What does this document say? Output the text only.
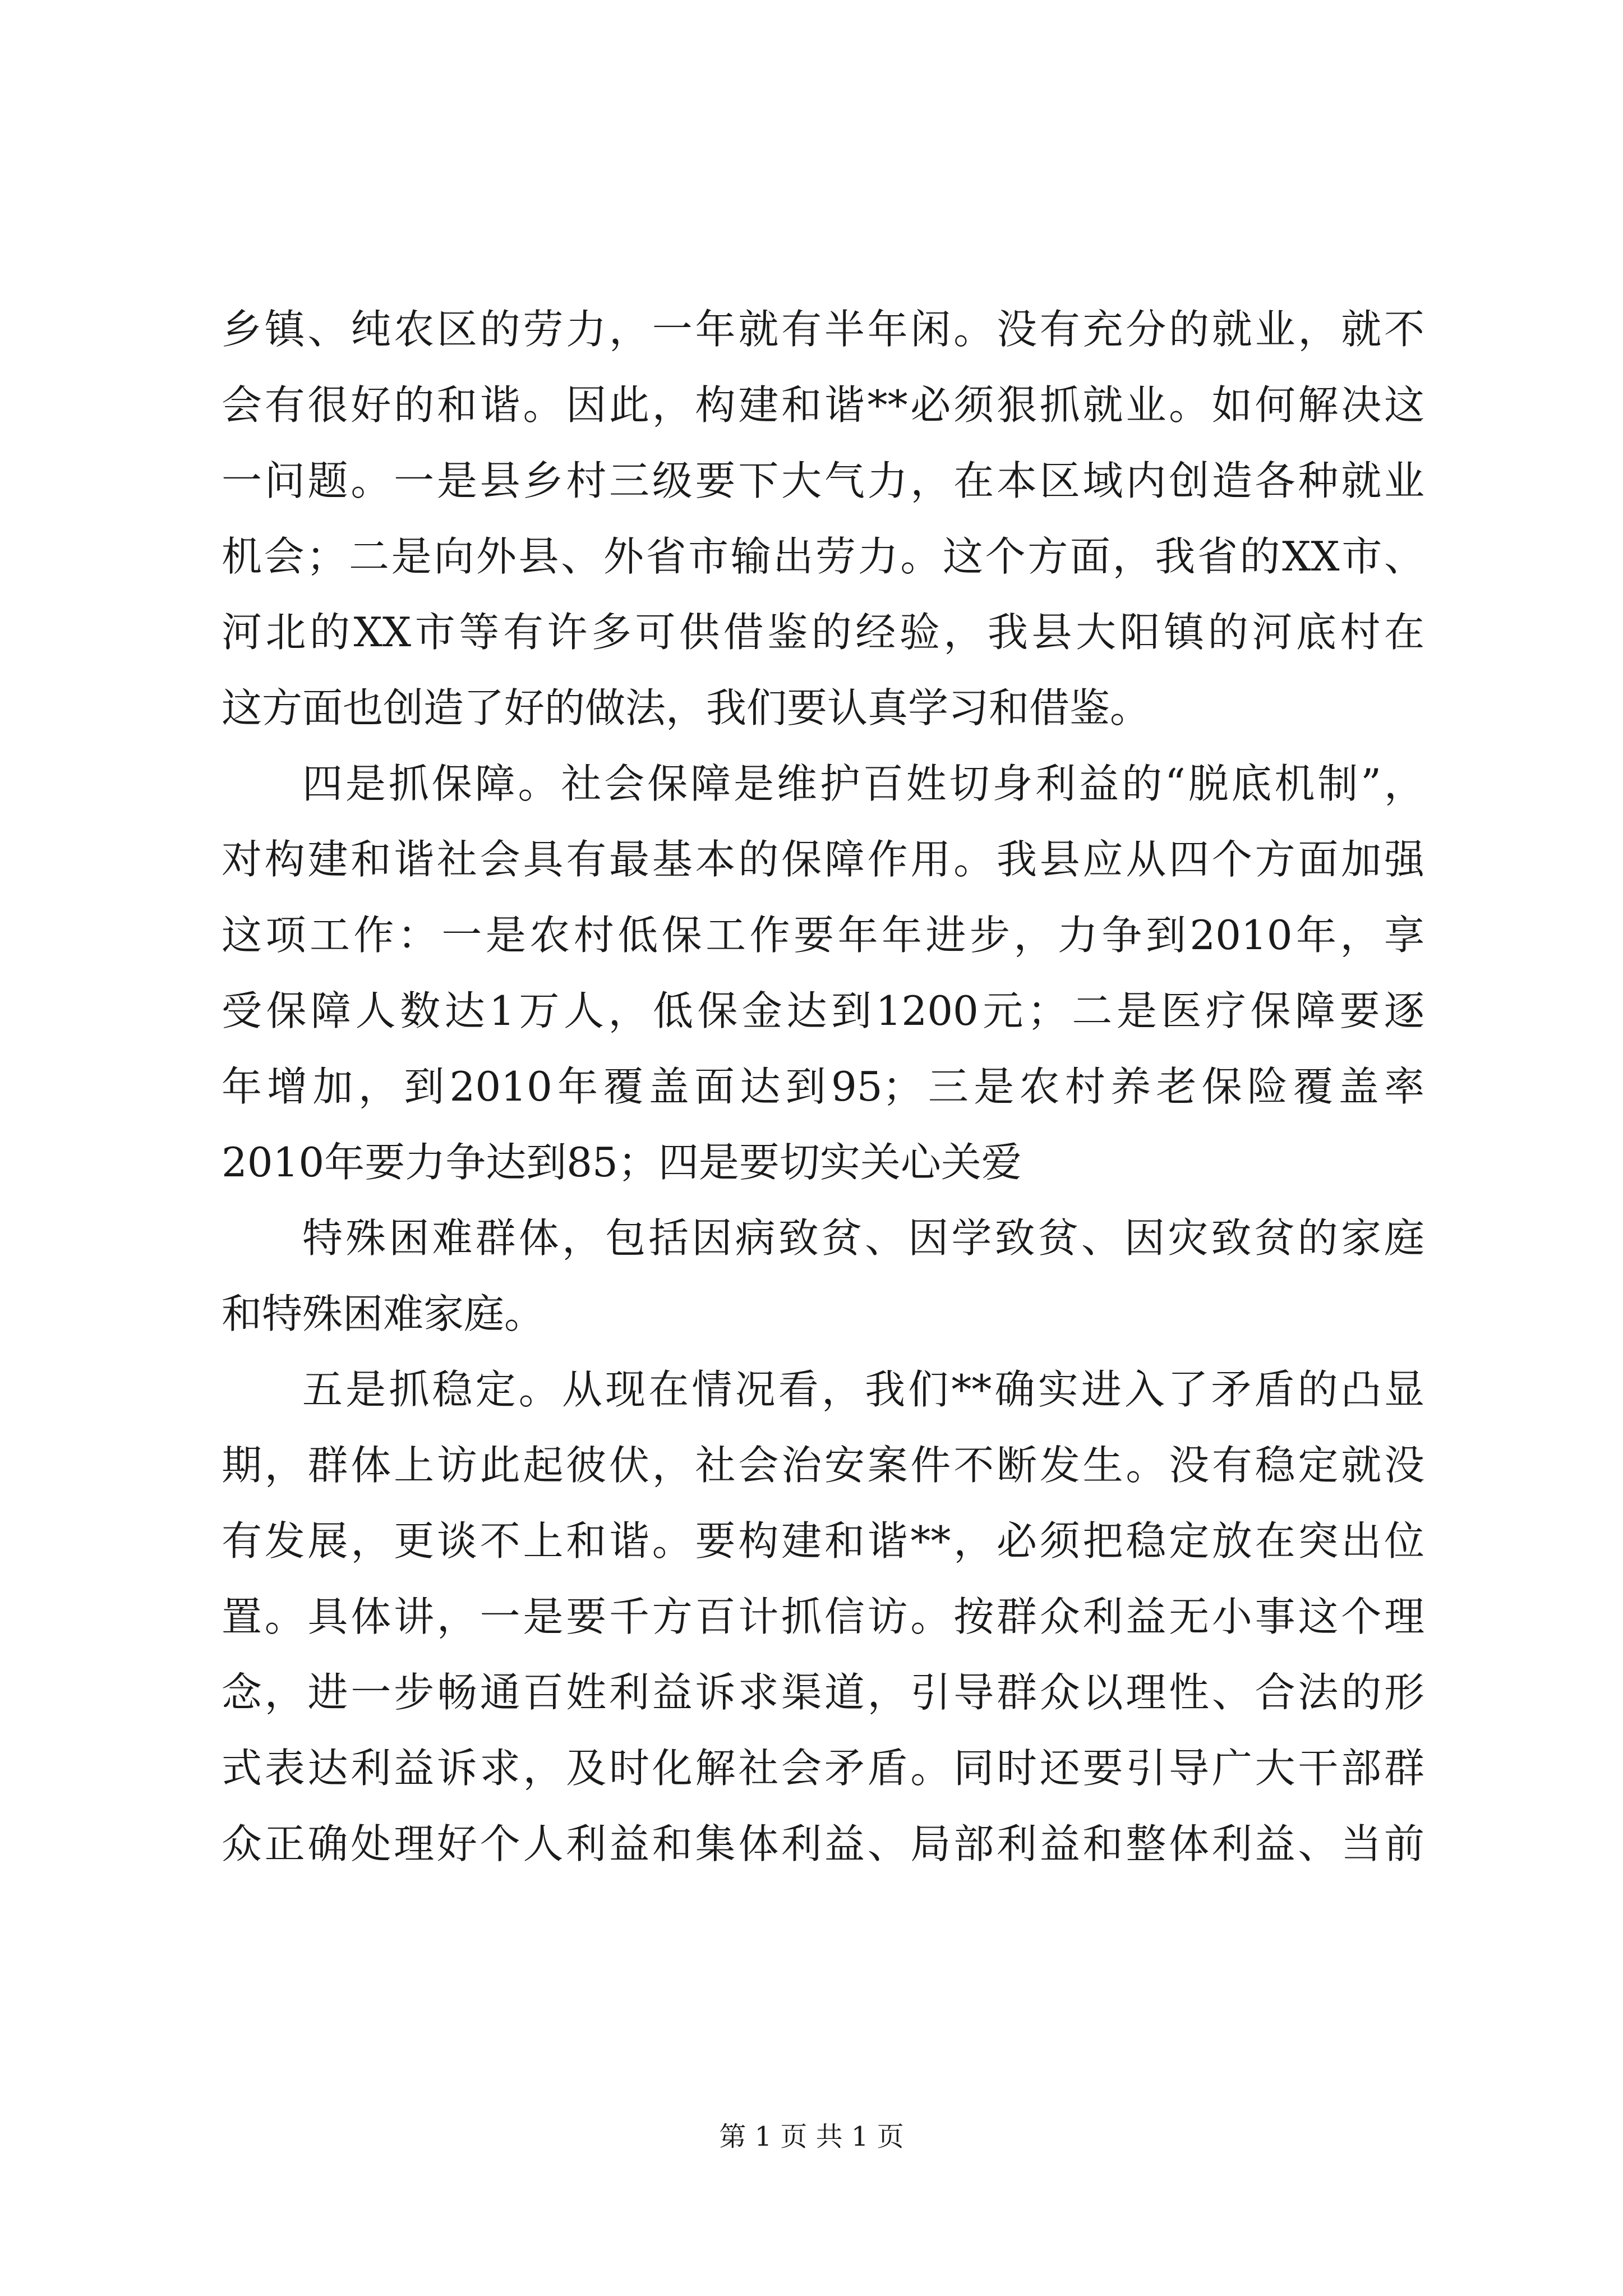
乡镇、纯农区的劳力，一年就有半年闲。没有充分的就业，就不
会有很好的和谐。因此，构建和谐**必须狠抓就业。如何解决这
一问题。一是县乡村三级要下大气力，在本区域内创造各种就业
机会；二是向外县、外省市输出劳力。这个方面，我省的XX市、
河北的XX市等有许多可供借鉴的经验，我县大阳镇的河底村在
这方面也创造了好的做法，我们要认真学习和借鉴。
四是抓保障。社会保障是维护百姓切身利益的“脱底机制”，
对构建和谐社会具有最基本的保障作用。我县应从四个方面加强
这项工作：一是农村低保工作要年年进步，力争到2010年，享
受保障人数达1万人，低保金达到1200元；二是医疗保障要逐
年增加，到2010年覆盖面达到95；三是农村养老保险覆盖率
2010年要力争达到85；四是要切实关心关爱
特殊困难群体，包括因病致贫、因学致贫、因灾致贫的家庭
和特殊困难家庭。
五是抓稳定。从现在情况看，我们**确实进入了矛盾的凸显
期，群体上访此起彼伏，社会治安案件不断发生。没有稳定就没
有发展，更谈不上和谐。要构建和谐**，必须把稳定放在突出位
置。具体讲，一是要千方百计抓信访。按群众利益无小事这个理
念，进一步畅通百姓利益诉求渠道，引导群众以理性、合法的形
式表达利益诉求，及时化解社会矛盾。同时还要引导广大干部群
众正确处理好个人利益和集体利益、局部利益和整体利益、当前
第 1 页 共 1 页
